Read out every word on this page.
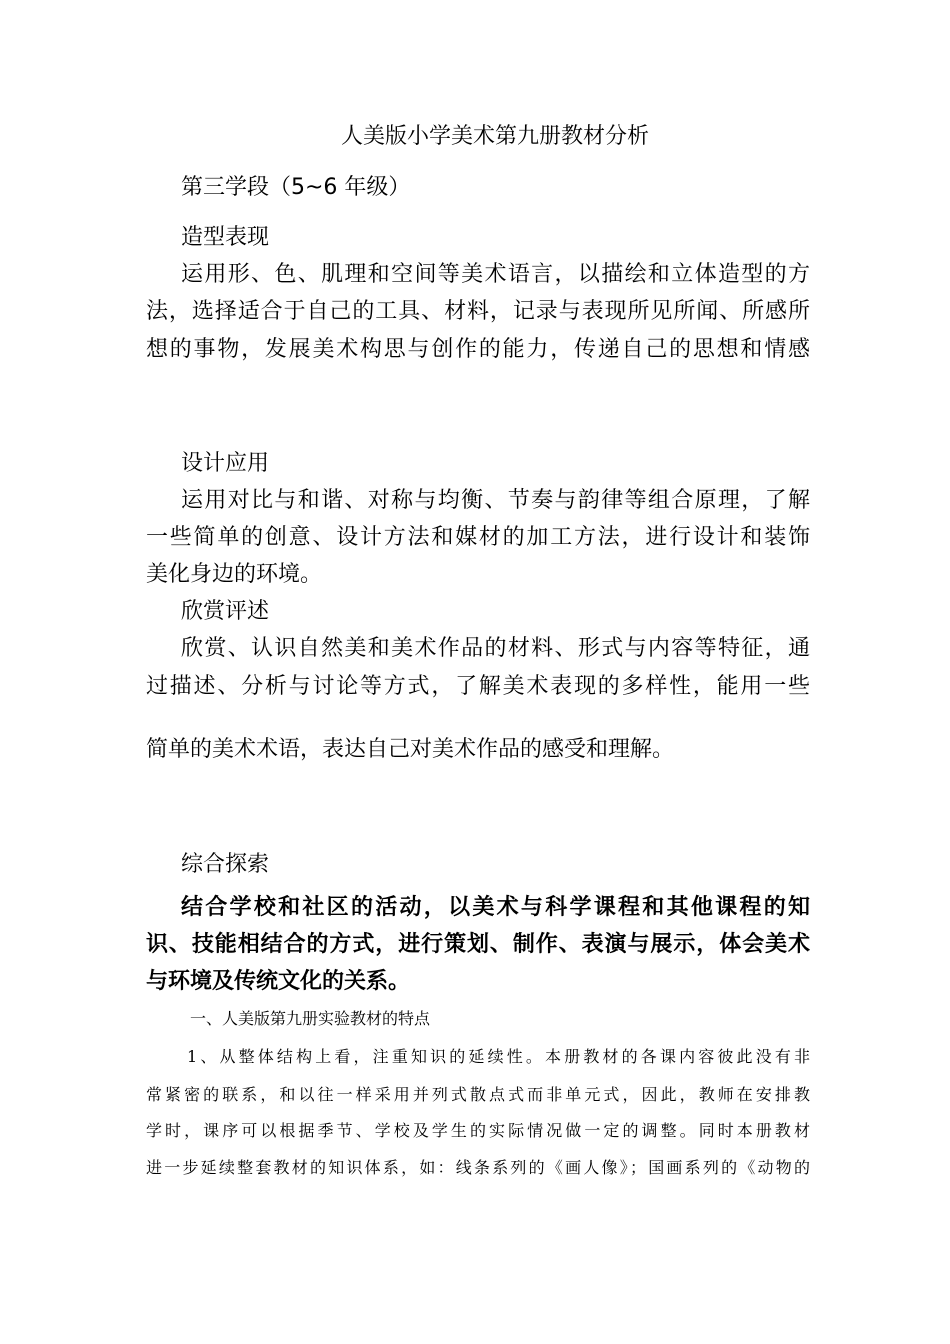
人美版小学美术第九册教材分析

第三学段（5~6 年级）

造型表现

运用形、色、肌理和空间等美术语言，以描绘和立体造型的方

法，选择适合于自己的工具、材料，记录与表现所见所闻、所感所

想的事物，发展美术构思与创作的能力，传递自己的思想和情感

设计应用

运用对比与和谐、对称与均衡、节奏与韵律等组合原理，了解

一些简单的创意、设计方法和媒材的加工方法，进行设计和装饰

美化身边的环境。

欣赏评述

欣赏、认识自然美和美术作品的材料、形式与内容等特征，通

过描述、分析与讨论等方式，了解美术表现的多样性，能用一些

简单的美术术语，表达自己对美术作品的感受和理解。

综合探索

结合学校和社区的活动，以美术与科学课程和其他课程的知

识、技能相结合的方式，进行策划、制作、表演与展示，体会美术

与环境及传统文化的关系。

一、人美版第九册实验教材的特点

1、从整体结构上看，注重知识的延续性。本册教材的各课内容彼此没有非

常紧密的联系，和以往一样采用并列式散点式而非单元式，因此，教师在安排教

学时，课序可以根据季节、学校及学生的实际情况做一定的调整。同时本册教材

进一步延续整套教材的知识体系，如：线条系列的《画人像》；国画系列的《动物的
